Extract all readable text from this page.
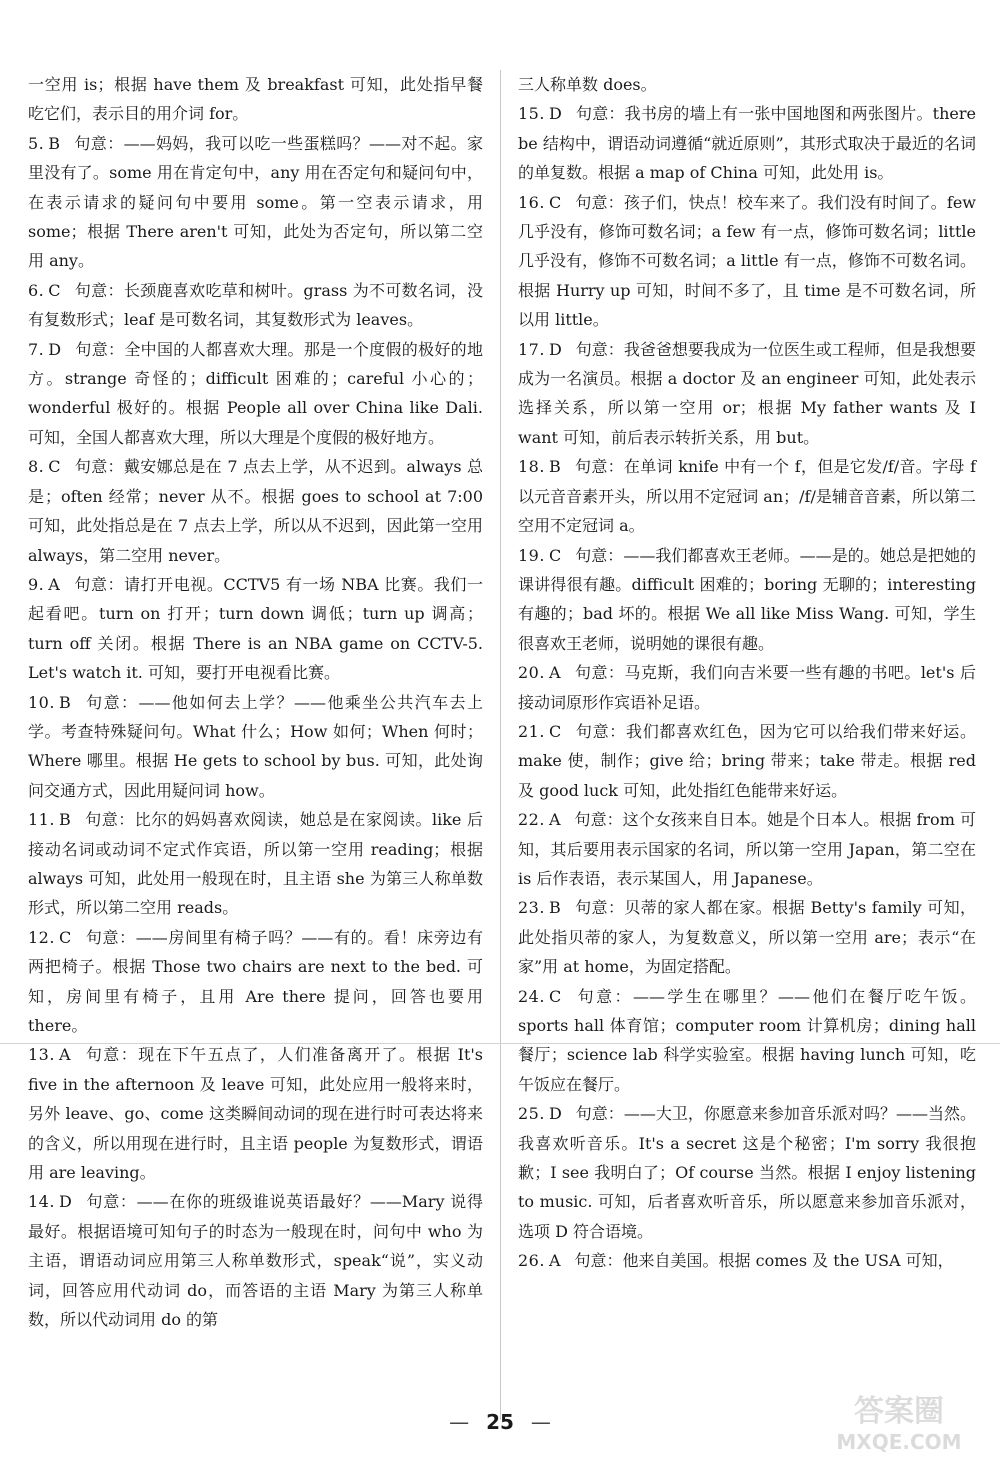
一空用 is；根据 have them 及 breakfast 可知，此处指早餐吃它们，表示目的用介词 for。

5. B 句意：——妈妈，我可以吃一些蛋糕吗？——对不起。家里没有了。some 用在肯定句中，any 用在否定句和疑问句中，在表示请求的疑问句中要用 some。第一空表示请求，用 some；根据 There aren't 可知，此处为否定句，所以第二空用 any。

6. C 句意：长颈鹿喜欢吃草和树叶。grass 为不可数名词，没有复数形式；leaf 是可数名词，其复数形式为 leaves。

7. D 句意：全中国的人都喜欢大理。那是一个度假的极好的地方。strange 奇怪的；difficult 困难的；careful 小心的；wonderful 极好的。根据 People all over China like Dali. 可知，全国人都喜欢大理，所以大理是个度假的极好地方。

8. C 句意：戴安娜总是在 7 点去上学，从不迟到。always 总是；often 经常；never 从不。根据 goes to school at 7:00 可知，此处指总是在 7 点去上学，所以从不迟到，因此第一空用 always，第二空用 never。

9. A 句意：请打开电视。CCTV5 有一场 NBA 比赛。我们一起看吧。turn on 打开；turn down 调低；turn up 调高；turn off 关闭。根据 There is an NBA game on CCTV-5. Let's watch it. 可知，要打开电视看比赛。

10. B 句意：——他如何去上学？——他乘坐公共汽车去上学。考查特殊疑问句。What 什么；How 如何；When 何时；Where 哪里。根据 He gets to school by bus. 可知，此处询问交通方式，因此用疑问词 how。

11. B 句意：比尔的妈妈喜欢阅读，她总是在家阅读。like 后接动名词或动词不定式作宾语，所以第一空用 reading；根据 always 可知，此处用一般现在时，且主语 she 为第三人称单数形式，所以第二空用 reads。

12. C 句意：——房间里有椅子吗？——有的。看！床旁边有两把椅子。根据 Those two chairs are next to the bed. 可知，房间里有椅子，且用 Are there 提问，回答也要用 there。

13. A 句意：现在下午五点了，人们准备离开了。根据 It's five in the afternoon 及 leave 可知，此处应用一般将来时，另外 leave、go、come 这类瞬间动词的现在进行时可表达将来的含义，所以用现在进行时，且主语 people 为复数形式，谓语用 are leaving。

14. D 句意：——在你的班级谁说英语最好？——Mary 说得最好。根据语境可知句子的时态为一般现在时，问句中 who 为主语，谓语动词应用第三人称单数形式，speak“说”，实义动词，回答应用代动词 do，而答语的主语 Mary 为第三人称单数，所以代动词用 do 的第

三人称单数 does。

15. D 句意：我书房的墙上有一张中国地图和两张图片。there be 结构中，谓语动词遵循“就近原则”，其形式取决于最近的名词的单复数。根据 a map of China 可知，此处用 is。

16. C 句意：孩子们，快点！校车来了。我们没有时间了。few 几乎没有，修饰可数名词；a few 有一点，修饰可数名词；little 几乎没有，修饰不可数名词；a little 有一点，修饰不可数名词。根据 Hurry up 可知，时间不多了，且 time 是不可数名词，所以用 little。

17. D 句意：我爸爸想要我成为一位医生或工程师，但是我想要成为一名演员。根据 a doctor 及 an engineer 可知，此处表示选择关系，所以第一空用 or；根据 My father wants 及 I want 可知，前后表示转折关系，用 but。

18. B 句意：在单词 knife 中有一个 f，但是它发/f/音。字母 f 以元音音素开头，所以用不定冠词 an；/f/是辅音音素，所以第二空用不定冠词 a。

19. C 句意：——我们都喜欢王老师。——是的。她总是把她的课讲得很有趣。difficult 困难的；boring 无聊的；interesting 有趣的；bad 坏的。根据 We all like Miss Wang. 可知，学生很喜欢王老师，说明她的课很有趣。

20. A 句意：马克斯，我们向吉米要一些有趣的书吧。let's 后接动词原形作宾语补足语。

21. C 句意：我们都喜欢红色，因为它可以给我们带来好运。make 使，制作；give 给；bring 带来；take 带走。根据 red 及 good luck 可知，此处指红色能带来好运。

22. A 句意：这个女孩来自日本。她是个日本人。根据 from 可知，其后要用表示国家的名词，所以第一空用 Japan，第二空在 is 后作表语，表示某国人，用 Japanese。

23. B 句意：贝蒂的家人都在家。根据 Betty's family 可知，此处指贝蒂的家人，为复数意义，所以第一空用 are；表示“在家”用 at home，为固定搭配。

24. C 句意：——学生在哪里？——他们在餐厅吃午饭。sports hall 体育馆；computer room 计算机房；dining hall 餐厅；science lab 科学实验室。根据 having lunch 可知，吃午饭应在餐厅。

25. D 句意：——大卫，你愿意来参加音乐派对吗？——当然。我喜欢听音乐。It's a secret 这是个秘密；I'm sorry 我很抱歉；I see 我明白了；Of course 当然。根据 I enjoy listening to music. 可知，后者喜欢听音乐，所以愿意来参加音乐派对，选项 D 符合语境。

26. A 句意：他来自美国。根据 comes 及 the USA 可知，

— 25 —	答案圈
MXQE.COM
